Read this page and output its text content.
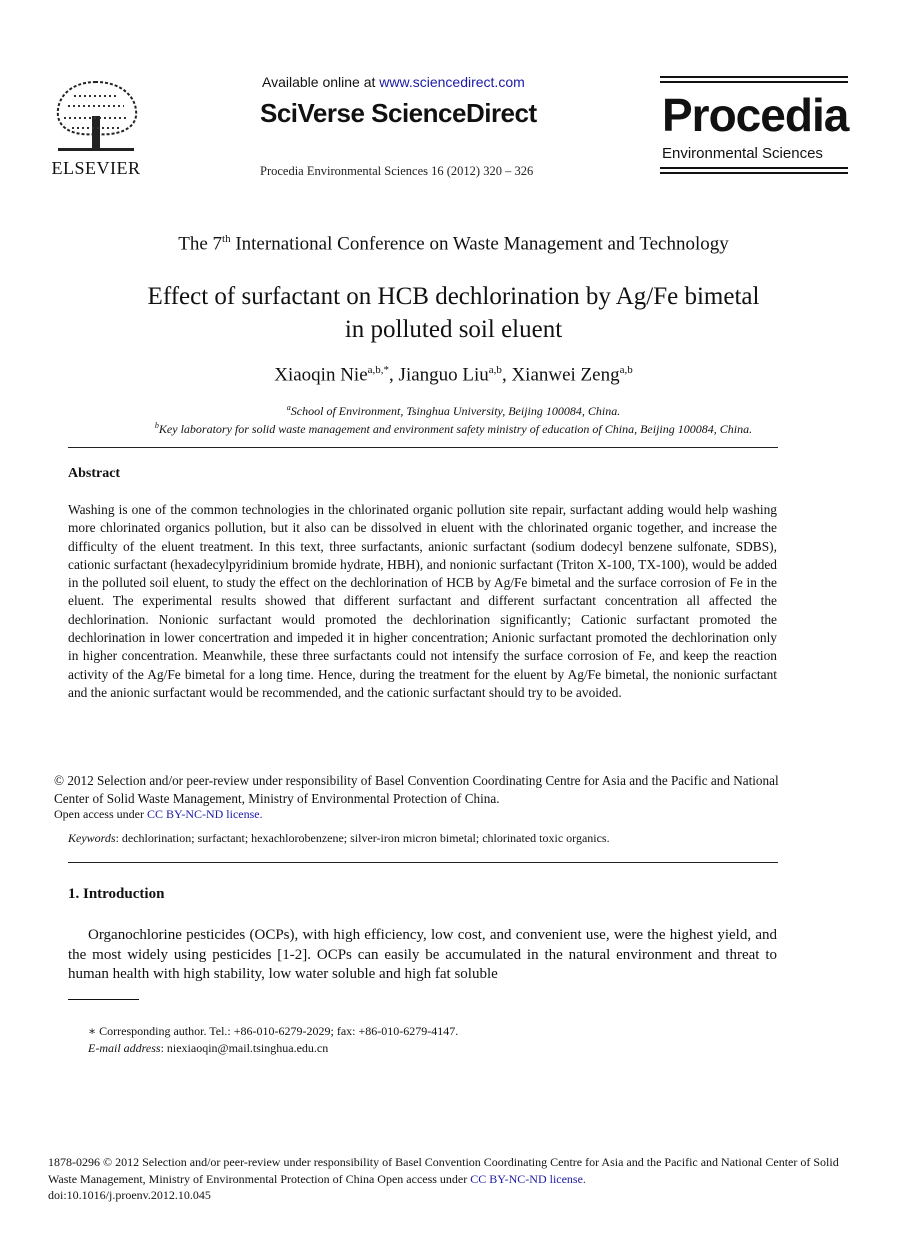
ELSEVIER
Available online at www.sciencedirect.com
SciVerse ScienceDirect
Procedia Environmental Sciences 16 (2012) 320 – 326
Procedia
Environmental Sciences
The 7th International Conference on Waste Management and Technology
Effect of surfactant on HCB dechlorination by Ag/Fe bimetal
in polluted soil eluent
Xiaoqin Nie$^{a,b,*}$, Jianguo Liu$^{a,b}$, Xianwei Zeng$^{a,b}$
$^a$School of Environment, Tsinghua University, Beijing 100084, China.
$^b$Key laboratory for solid waste management and environment safety ministry of education of China, Beijing 100084, China.
Abstract
Washing is one of the common technologies in the chlorinated organic pollution site repair, surfactant adding would help washing more chlorinated organics pollution, but it also can be dissolved in eluent with the chlorinated organic together, and increase the difficulty of the eluent treatment. In this text, three surfactants, anionic surfactant (sodium dodecyl benzene sulfonate, SDBS), cationic surfactant (hexadecylpyridinium bromide hydrate, HBH), and nonionic surfactant (Triton X-100, TX-100), would be added in the polluted soil eluent, to study the effect on the dechlorination of HCB by Ag/Fe bimetal and the surface corrosion of Fe in the eluent. The experimental results showed that different surfactant and different surfactant concentration all affected the dechlorination. Nonionic surfactant would promoted the dechlorination significantly; Cationic surfactant promoted the dechlorination in lower concertration and impeded it in higher concentration; Anionic surfactant promoted the dechlorination only in higher concentration. Meanwhile, these three surfactants could not intensify the surface corrosion of Fe, and keep the reaction activity of the Ag/Fe bimetal for a long time. Hence, during the treatment for the eluent by Ag/Fe bimetal, the nonionic surfactant and the anionic surfactant would be recommended, and the cationic surfactant should try to be avoided.
© 2012 Selection and/or peer-review under responsibility of Basel Convention Coordinating Centre for Asia and the Pacific and National Center of Solid Waste Management, Ministry of Environmental Protection of China.
Open access under CC BY-NC-ND license.
Keywords: dechlorination; surfactant; hexachlorobenzene; silver-iron micron bimetal; chlorinated toxic organics.
1. Introduction
Organochlorine pesticides (OCPs), with high efficiency, low cost, and convenient use, were the highest yield, and the most widely using pesticides [1-2]. OCPs can easily be accumulated in the natural environment and threat to human health with high stability, low water soluble and high fat soluble
∗ Corresponding author. Tel.: +86-010-6279-2029; fax: +86-010-6279-4147.
E-mail address: niexiaoqin@mail.tsinghua.edu.cn
1878-0296 © 2012 Selection and/or peer-review under responsibility of Basel Convention Coordinating Centre for Asia and the Pacific and National Center of Solid Waste Management, Ministry of Environmental Protection of China Open access under CC BY-NC-ND license.
doi:10.1016/j.proenv.2012.10.045
